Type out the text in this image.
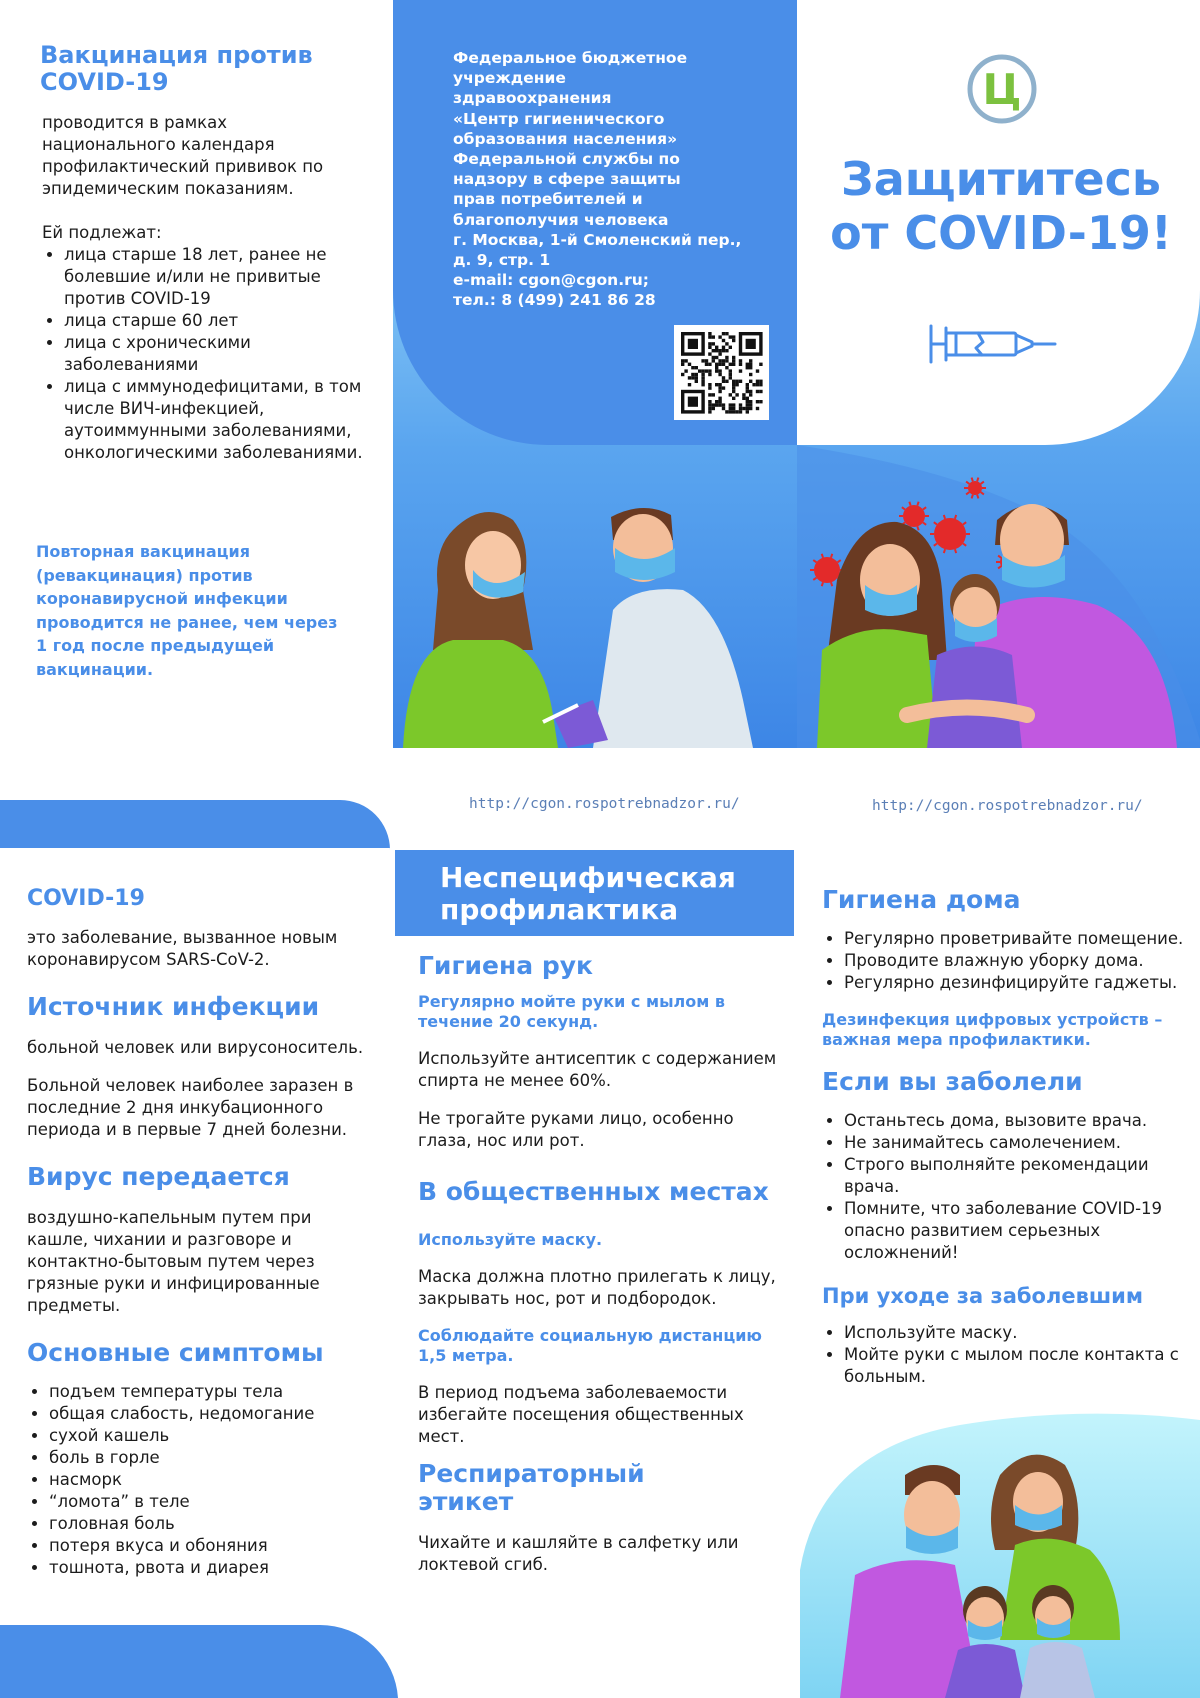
Вакцинация против COVID-19

проводится в рамках национального календаря профилактический прививок по эпидемическим показаниям.

Ей подлежат:

• лица старше 18 лет, ранее не болевшие и/или не привитые против COVID-19
• лица старше 60 лет
• лица с хроническими заболеваниями
• лица с иммунодефицитами, в том числе ВИЧ-инфекцией, аутоиммунными заболеваниями, онкологическими заболеваниями.

Повторная вакцинация (ревакцинация) против коронавирусной инфекции проводится не ранее, чем через 1 год после предыдущей вакцинации.

Федеральное бюджетное
учреждение
здравоохранения
«Центр гигиенического
образования населения»
Федеральной службы по
надзору в сфере защиты
прав потребителей и
благополучия человека
г. Москва, 1-й Смоленский пер.,
д. 9, стр. 1
e-mail: cgon@cgon.ru;
тел.: 8 (499) 241 86 28
Ц
Защититесь
от COVID-19!
http://cgon.rospotrebnadzor.ru/	http://cgon.rospotrebnadzor.ru/
COVID-19

это заболевание, вызванное новым коронавирусом SARS-CoV-2.

Источник инфекции

больной человек или вирусоноситель.

Больной человек наиболее заразен в последние 2 дня инкубационного периода и в первые 7 дней болезни.

Вирус передается

воздушно-капельным путем при кашле, чихании и разговоре и контактно-бытовым путем через грязные руки и инфицированные предметы.

Основные симптомы
• подъем температуры тела
• общая слабость, недомогание
• сухой кашель
• боль в горле
• насморк
• “ломота” в теле
• головная боль
• потеря вкуса и обоняния
• тошнота, рвота и диарея
Неспецифическая профилактика
Гигиена рук

Регулярно мойте руки с мылом в течение 20 секунд.

Используйте антисептик с содержанием спирта не менее 60%.

Не трогайте руками лицо, особенно глаза, нос или рот.

В общественных местах

Используйте маску.

Маска должна плотно прилегать к лицу, закрывать нос, рот и подбородок.

Соблюдайте социальную дистанцию 1,5 метра.

В период подъема заболеваемости избегайте посещения общественных мест.

Респираторный этикет

Чихайте и кашляйте в салфетку или локтевой сгиб.

Гигиена дома
• Регулярно проветривайте помещение.
• Проводите влажную уборку дома.
• Регулярно дезинфицируйте гаджеты.

Дезинфекция цифровых устройств – важная мера профилактики.

Если вы заболели
• Останьтесь дома, вызовите врача.
• Не занимайтесь самолечением.
• Строго выполняйте рекомендации врача.
• Помните, что заболевание COVID-19 опасно развитием серьезных осложнений!
При уходе за заболевшим
• Используйте маску.
• Мойте руки с мылом после контакта с больным.
